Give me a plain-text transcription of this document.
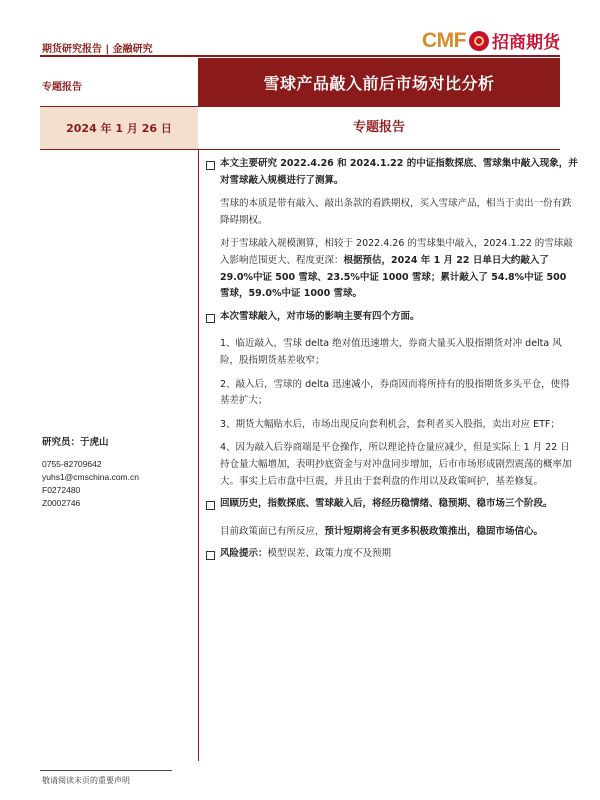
期货研究报告 | 金融研究	CMF 招商期货
专题报告	雪球产品敲入前后市场对比分析
2024 年 1 月 26 日	专题报告
研究员：于虎山
0755-82709642
yuhs1@cmschina.com.cn
F0272480
Z0002746
本文主要研究 2022.4.26 和 2024.1.22 的中证指数探底、雪球集中敲入现象，并对雪球敲入规模进行了测算。
雪球的本质是带有敲入、敲出条款的看跌期权，买入雪球产品，相当于卖出一份有跌降碍期权。
对于雪球敲入规模测算，相较于 2022.4.26 的雪球集中敲入，2024.1.22 的雪球敲入影响范围更大、程度更深：根据预估，2024 年 1 月 22 日单日大约敲入了 29.0%中证 500 雪球、23.5%中证 1000 雪球；累计敲入了 54.8%中证 500 雪球，59.0%中证 1000 雪球。
本次雪球敲入，对市场的影响主要有四个方面。
1、临近敲入，雪球 delta 绝对值迅速增大，券商大量买入股指期货对冲 delta 风险，股指期货基差收窄；
2、敲入后，雪球的 delta 迅速减小，券商因而将所持有的股指期货多头平仓，使得基差扩大；
3、期货大幅贴水后，市场出现反向套利机会，套利者买入股指，卖出对应 ETF；
4、因为敲入后券商端是平仓操作，所以理论持仓量应减少，但是实际上 1 月 22 日持仓量大幅增加，表明抄底资金与对冲盘同步增加，后市市场形成剧烈震荡的概率加大。事实上后市盘中巨震，并且由于套利盘的作用以及政策呵护，基差修复。
回顾历史，指数探底、雪球敲入后，将经历稳情绪、稳预期、稳市场三个阶段。
目前政策面已有所反应，预计短期将会有更多积极政策推出，稳固市场信心。
风险提示：模型误差、政策力度不及预期
敬请阅读末页的重要声明
